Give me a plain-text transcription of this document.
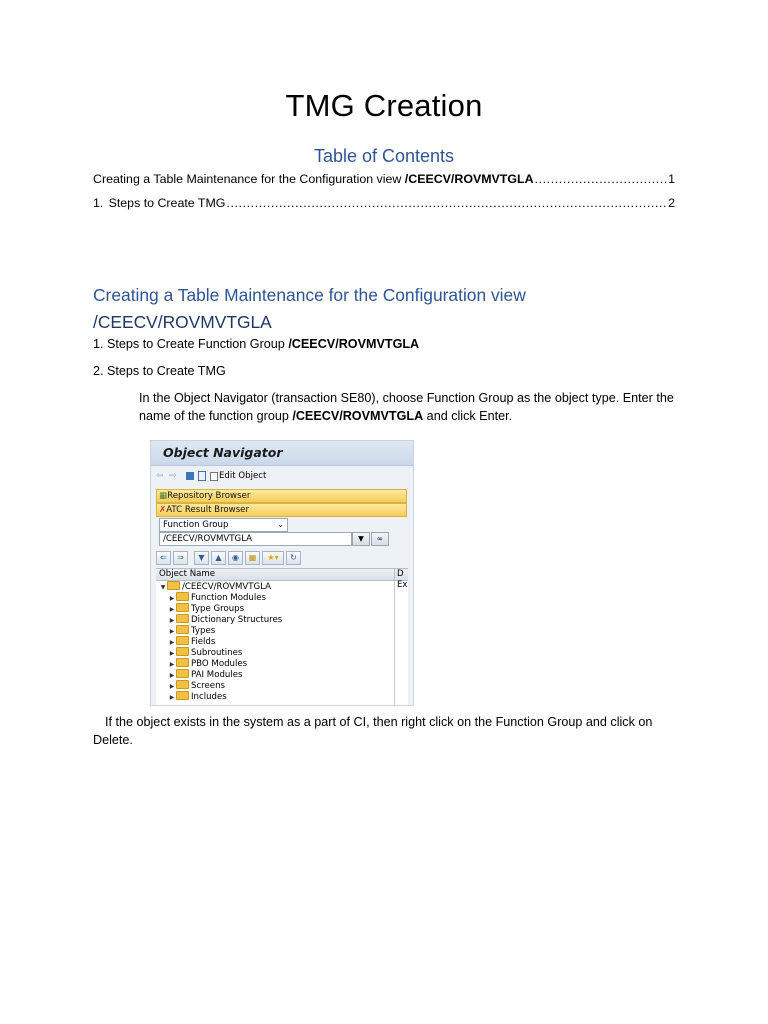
TMG Creation
Table of Contents
Creating a Table Maintenance for the Configuration view /CEECV/ROVMVTGLA .....	1
1. Steps to Create TMG .....	2
Creating a Table Maintenance for the Configuration view
/CEECV/ROVMVTGLA
1. Steps to Create Function Group /CEECV/ROVMVTGLA
2. Steps to Create TMG
In the Object Navigator (transaction SE80), choose Function Group as the object type. Enter the name of the function group /CEECV/ROVMVTGLA and click Enter.
Object Navigator
⇦ ⇨	Edit Object
▦Repository Browser
✗ATC Result Browser
Function Group	⌄
/CEECV/ROVMVTGLA	▼	∞
⇐	⇒	▼	▲	◉	▦	★▾	↻
Object Name	D
Ex
▼ /CEECV/ROVMVTGLA
▶ Function Modules
▶ Type Groups
▶ Dictionary Structures
▶ Types
▶ Fields
▶ Subroutines
▶ PBO Modules
▶ PAI Modules
▶ Screens
▶ Includes
If the object exists in the system as a part of CI, then right click on the Function Group and click on Delete.
